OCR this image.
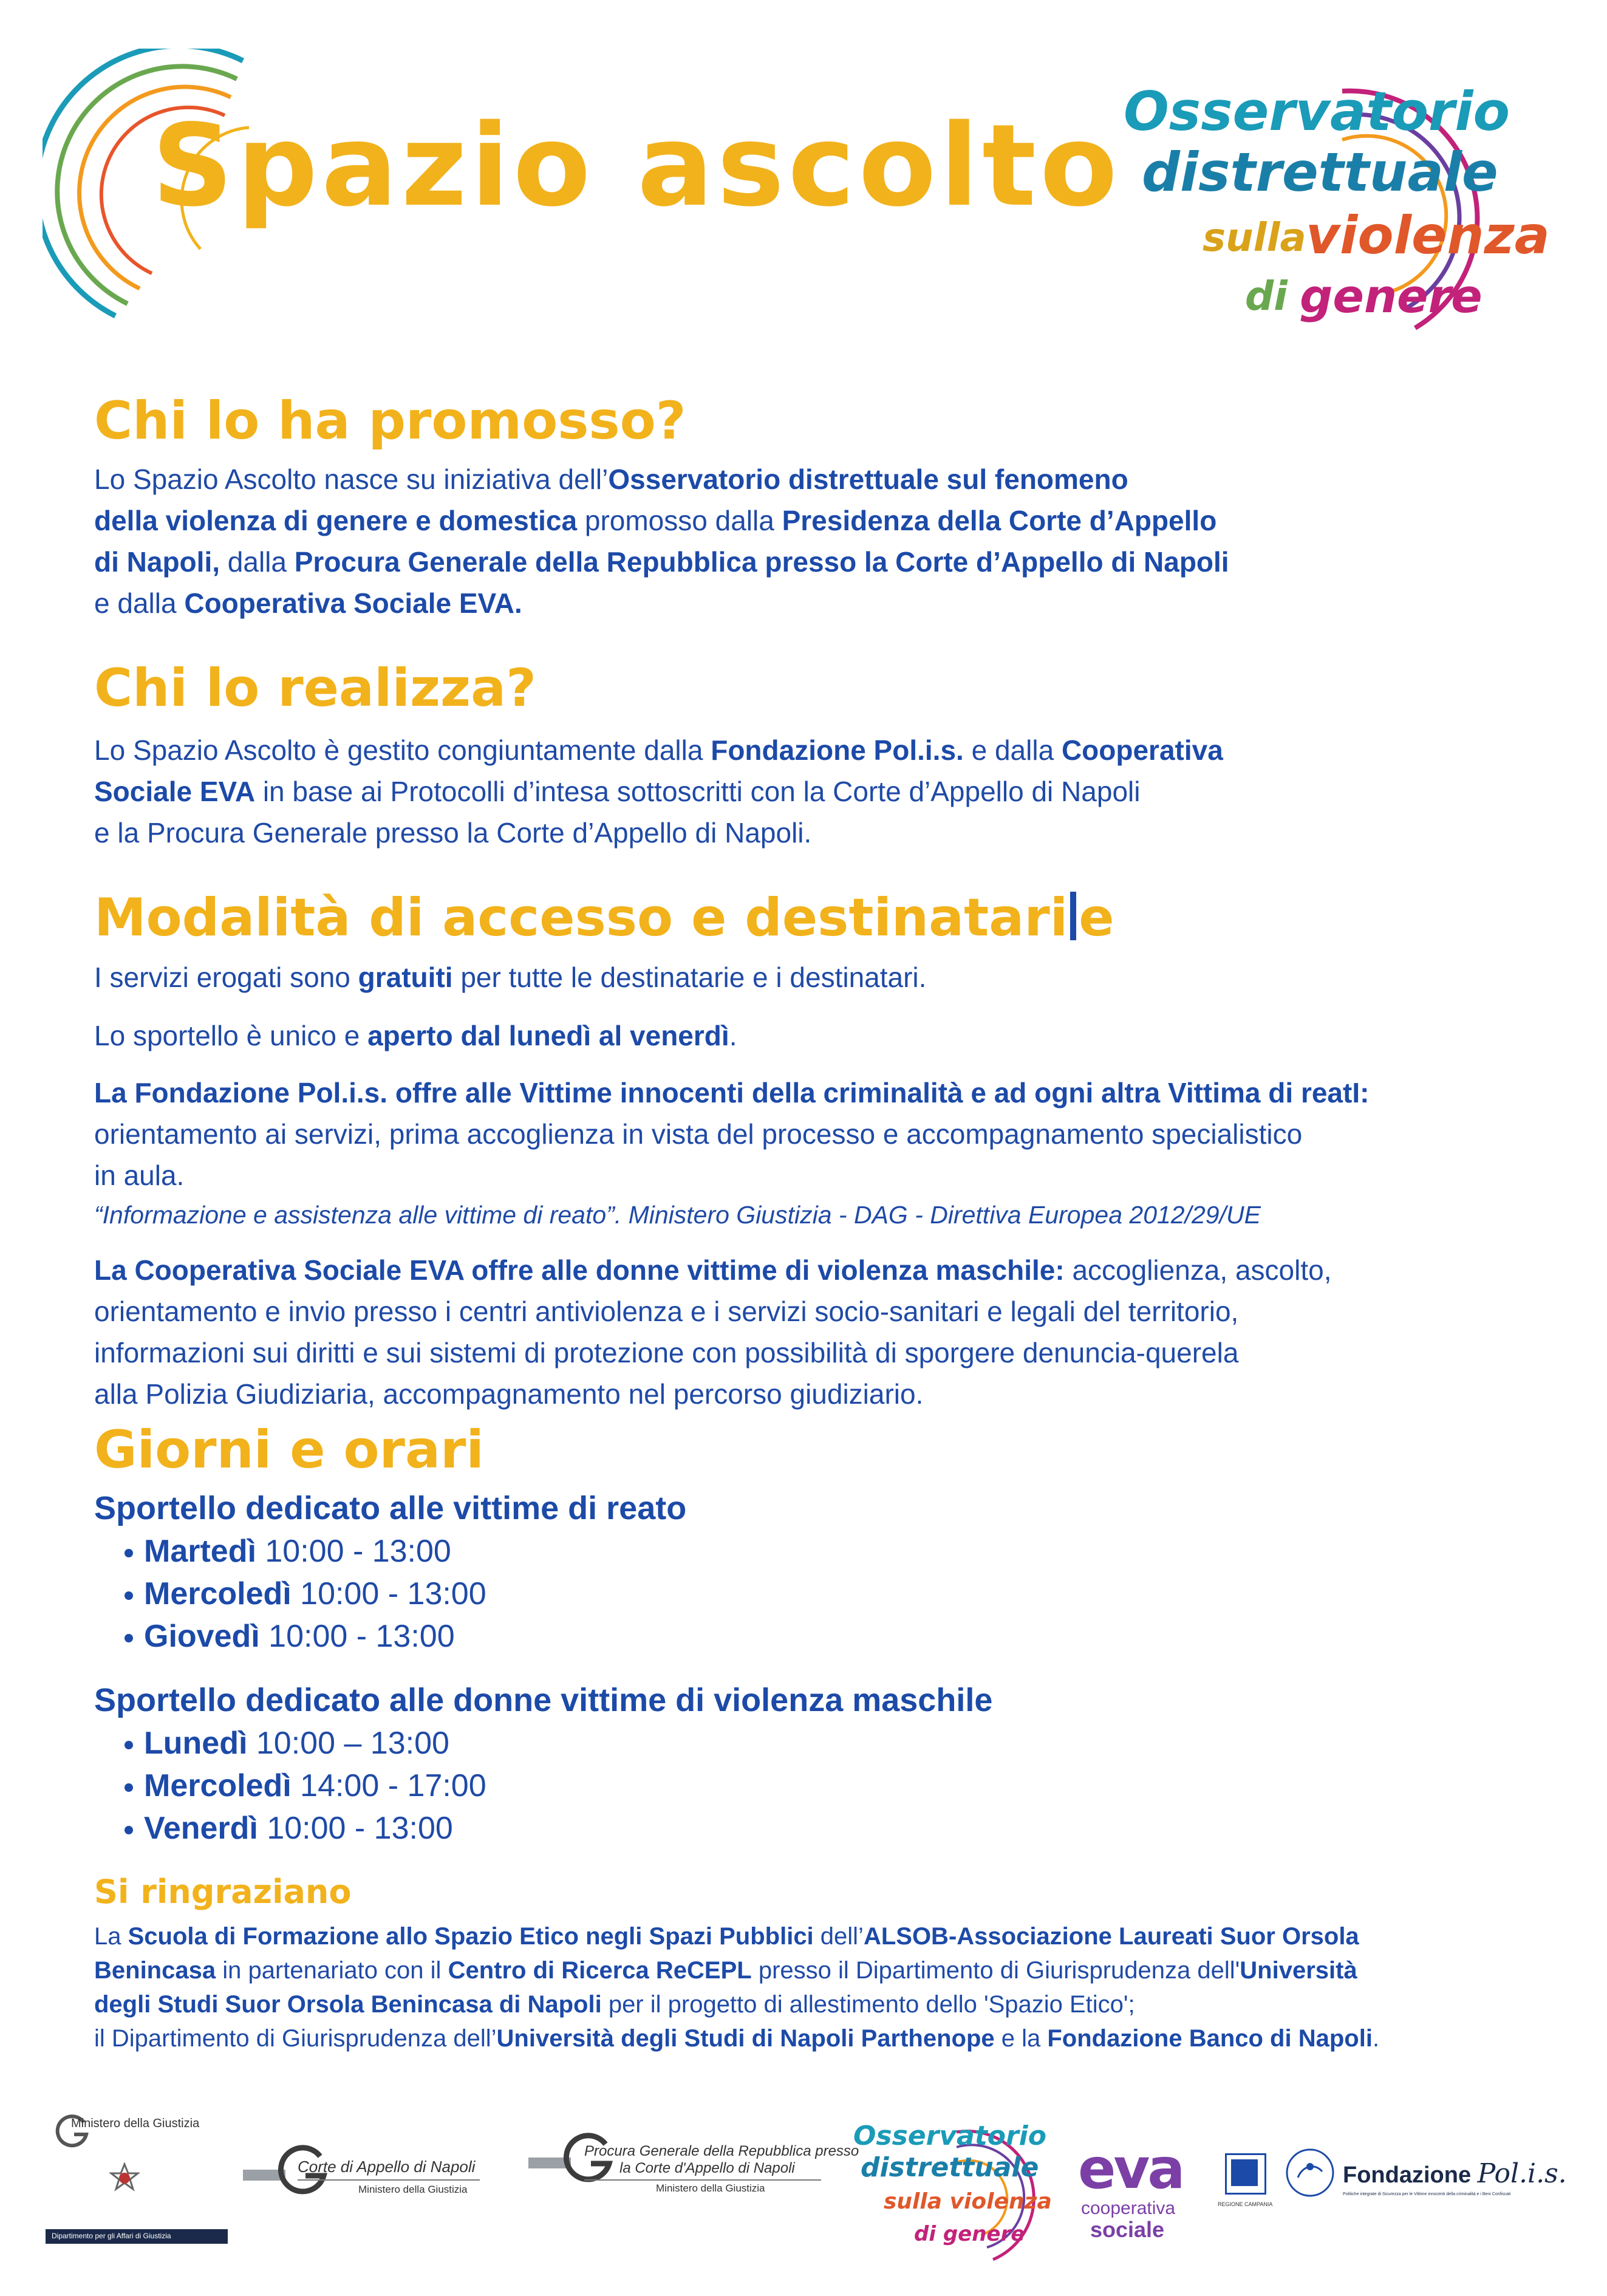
Spazio ascolto Osservatorio
distrettuale
sulla violenza
di genere
Chi lo ha promosso?
Lo Spazio Ascolto nasce su iniziativa dell’Osservatorio distrettuale sul fenomeno
della violenza di genere e domestica promosso dalla Presidenza della Corte d’Appello
di Napoli, dalla Procura Generale della Repubblica presso la Corte d’Appello di Napoli
e dalla Cooperativa Sociale EVA.
Chi lo realizza?
Lo Spazio Ascolto è gestito congiuntamente dalla Fondazione Pol.i.s. e dalla Cooperativa
Sociale EVA in base ai Protocolli d’intesa sottoscritti con la Corte d’Appello di Napoli
e la Procura Generale presso la Corte d’Appello di Napoli.
Modalità di accesso e destinatari e
I servizi erogati sono gratuiti per tutte le destinatarie e i destinatari.
Lo sportello è unico e aperto dal lunedì al venerdì.
La Fondazione Pol.i.s. offre alle Vittime innocenti della criminalità e ad ogni altra Vittima di reatI:
orientamento ai servizi, prima accoglienza in vista del processo e accompagnamento specialistico
in aula.
“Informazione e assistenza alle vittime di reato”. Ministero Giustizia - DAG - Direttiva Europea 2012/29/UE
La Cooperativa Sociale EVA offre alle donne vittime di violenza maschile: accoglienza, ascolto,
orientamento e invio presso i centri antiviolenza e i servizi socio-sanitari e legali del territorio,
informazioni sui diritti e sui sistemi di protezione con possibilità di sporgere denuncia-querela
alla Polizia Giudiziaria, accompagnamento nel percorso giudiziario.
Giorni e orari
Sportello dedicato alle vittime di reato
Martedì 10:00 - 13:00
Mercoledì 10:00 - 13:00
Giovedì 10:00 - 13:00
Sportello dedicato alle donne vittime di violenza maschile
Lunedì 10:00 – 13:00
Mercoledì 14:00 - 17:00
Venerdì 10:00 - 13:00
Si ringraziano
La Scuola di Formazione allo Spazio Etico negli Spazi Pubblici dell’ALSOB-Associazione Laureati Suor Orsola
Benincasa in partenariato con il Centro di Ricerca ReCEPL presso il Dipartimento di Giurisprudenza dell'Università
degli Studi Suor Orsola Benincasa di Napoli per il progetto di allestimento dello 'Spazio Etico';
il Dipartimento di Giurisprudenza dell’Università degli Studi di Napoli Parthenope e la Fondazione Banco di Napoli.
Ministero della Giustizia
Dipartimento per gli Affari di Giustizia
Corte di Appello di Napoli
Ministero della Giustizia
Procura Generale della Repubblica presso
la Corte d'Appello di Napoli
Ministero della Giustizia
Osservatorio
distrettuale
sulla violenza
di genere
eva
cooperativa
sociale
REGIONE CAMPANIA
Fondazione Pol.i.s.
Politiche integrate di Sicurezza per le Vittime innocenti della criminalità e i Beni Confiscati
